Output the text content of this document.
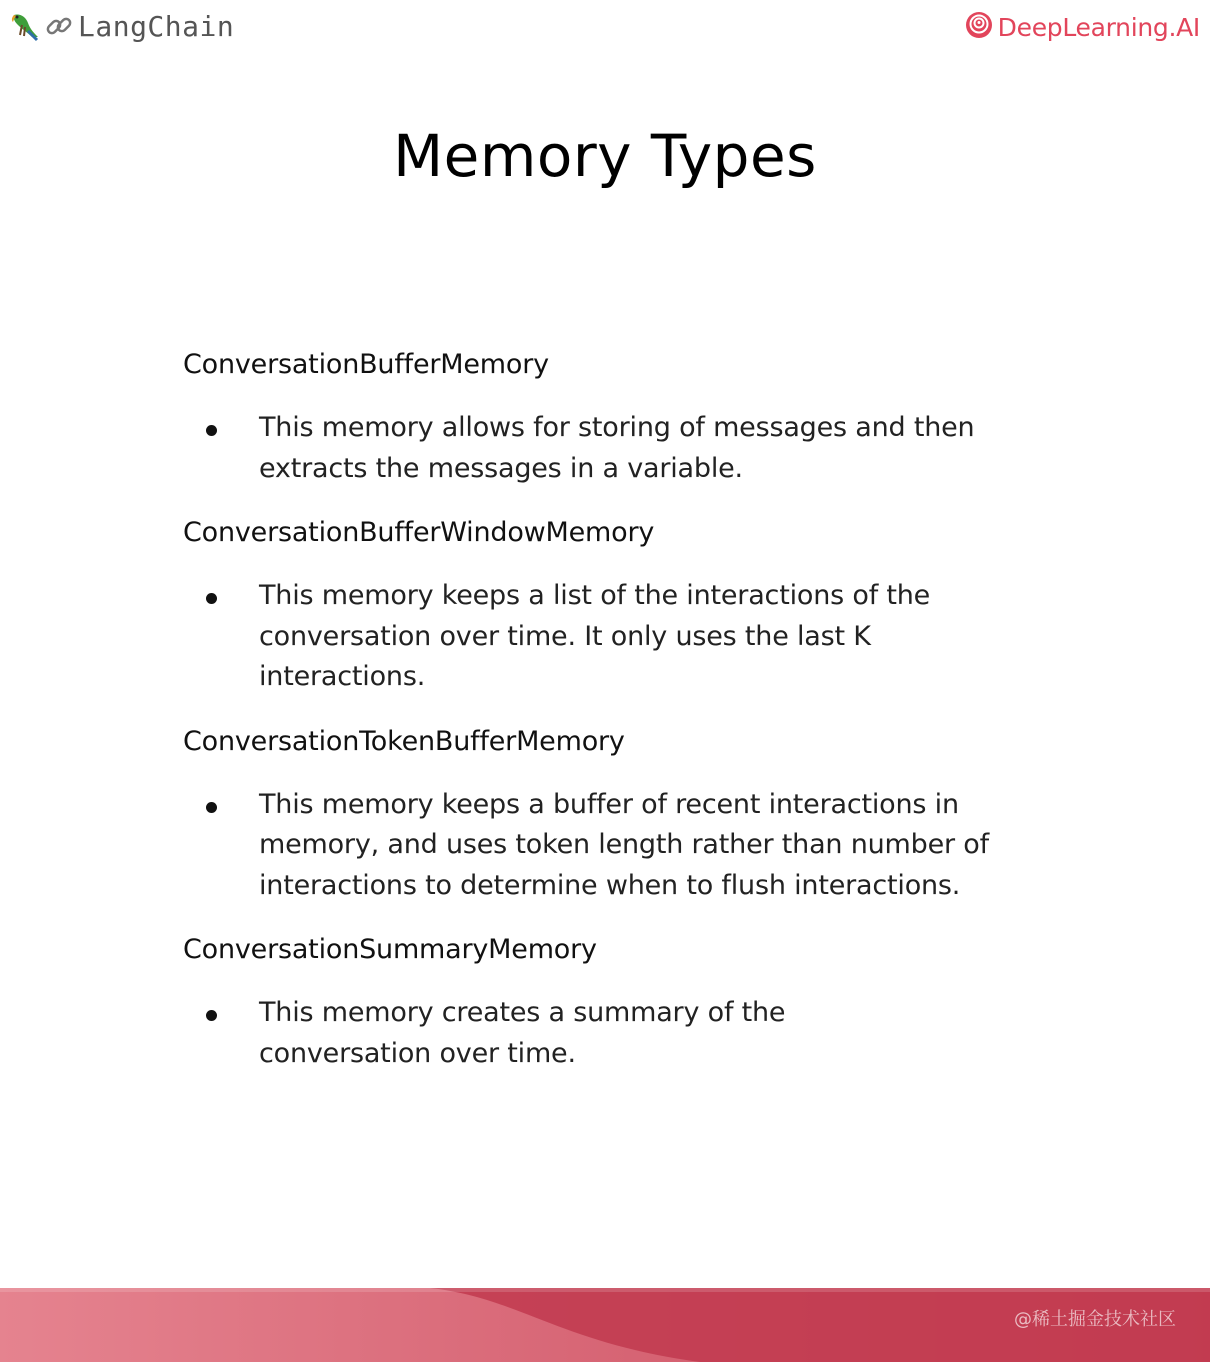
LangChain	DeepLearning.AI
Memory Types
ConversationBufferMemory
This memory allows for storing of messages and then extracts the messages in a variable.
ConversationBufferWindowMemory
This memory keeps a list of the interactions of the conversation over time. It only uses the last K interactions.
ConversationTokenBufferMemory
This memory keeps a buffer of recent interactions in memory, and uses token length rather than number of interactions to determine when to flush interactions.
ConversationSummaryMemory
This memory creates a summary of the conversation over time.
@稀土掘金技术社区
